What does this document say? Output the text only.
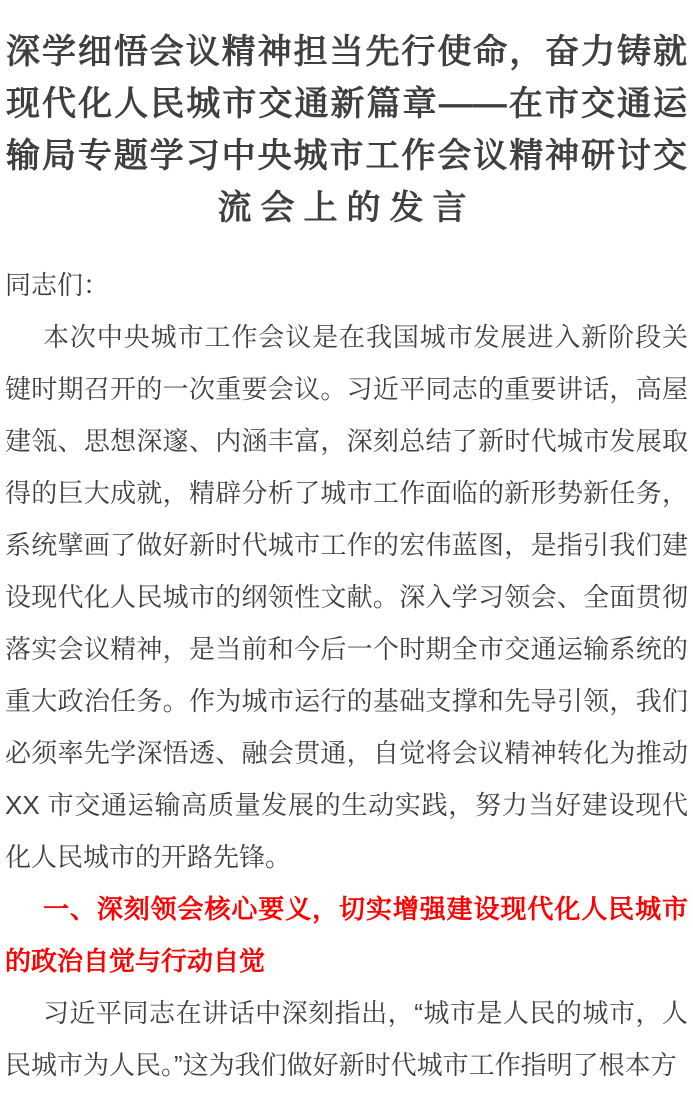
深学细悟会议精神担当先行使命，奋力铸就
现代化人民城市交通新篇章——在市交通运
输局专题学习中央城市工作会议精神研讨交
流会上的发言

同志们：

本次中央城市工作会议是在我国城市发展进入新阶段关键时期召开的一次重要会议。习近平同志的重要讲话，高屋建瓴、思想深邃、内涵丰富，深刻总结了新时代城市发展取得的巨大成就，精辟分析了城市工作面临的新形势新任务，系统擘画了做好新时代城市工作的宏伟蓝图，是指引我们建设现代化人民城市的纲领性文献。深入学习领会、全面贯彻落实会议精神，是当前和今后一个时期全市交通运输系统的重大政治任务。作为城市运行的基础支撑和先导引领，我们必须率先学深悟透、融会贯通，自觉将会议精神转化为推动XX 市交通运输高质量发展的生动实践，努力当好建设现代化人民城市的开路先锋。

一、深刻领会核心要义，切实增强建设现代化人民城市的政治自觉与行动自觉

习近平同志在讲话中深刻指出，“城市是人民的城市，人民城市为人民。”这为我们做好新时代城市工作指明了根本方
